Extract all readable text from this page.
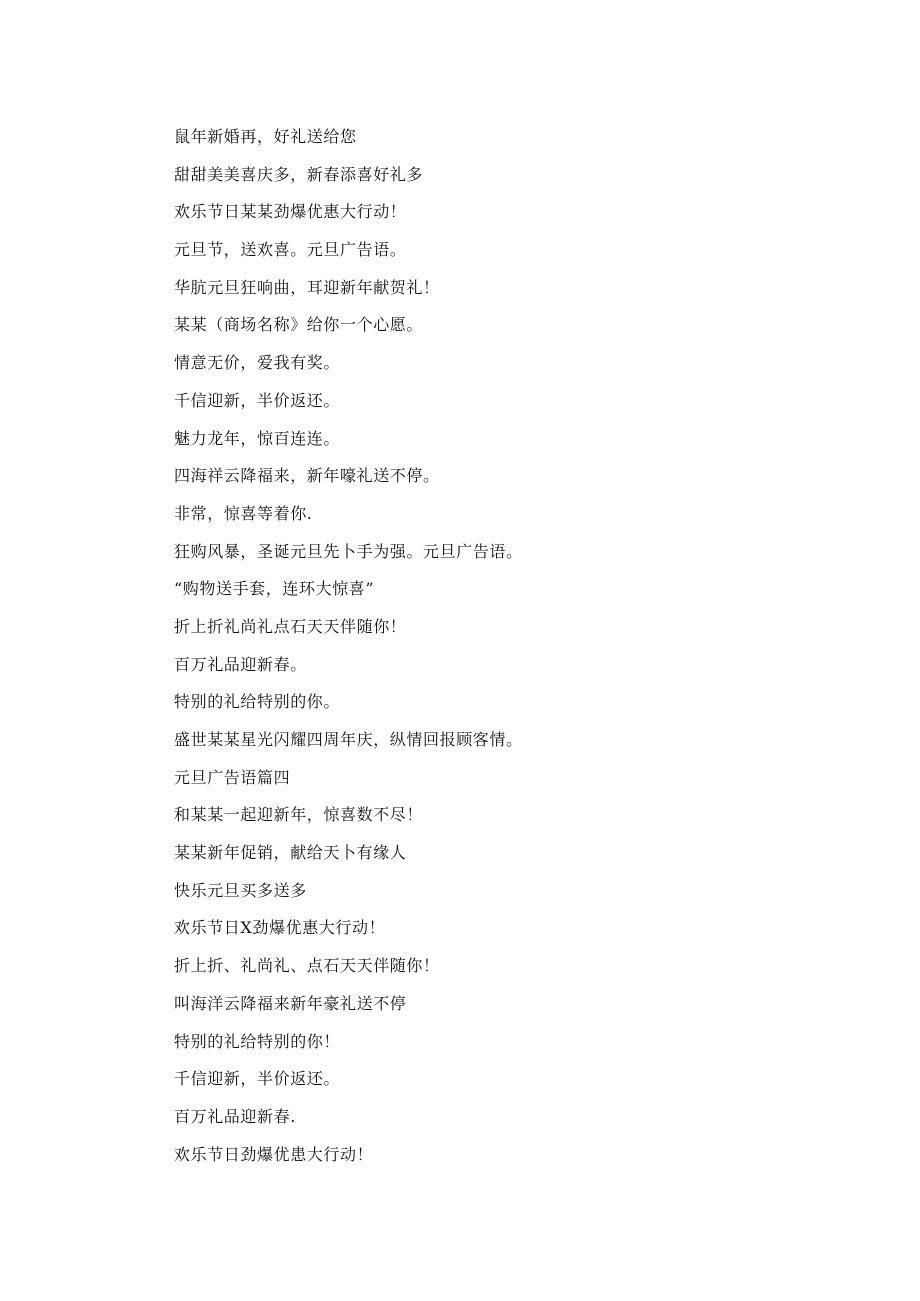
鼠年新婚再，好礼送给您
甜甜美美喜庆多，新春添喜好礼多
欢乐节日某某劲爆优惠大行动！
元旦节，送欢喜。元旦广告语。
华肮元旦狂响曲，耳迎新年献贺礼！
某某（商场名称》给你一个心愿。
情意无价，爱我有奖。
千信迎新，半价返还。
魅力龙年，惊百连连。
四海祥云降福来，新年嚎礼送不停。
非常，惊喜等着你.
狂购风暴，圣诞元旦先卜手为强。元旦广告语。
“购物送手套，连环大惊喜”
折上折礼尚礼点石天天伴随你！
百万礼品迎新春。
特别的礼给特别的你。
盛世某某星光闪耀四周年庆，纵情回报顾客情。
元旦广告语篇四
和某某一起迎新年，惊喜数不尽！
某某新年促销，献给天卜有缘人
快乐元旦买多送多
欢乐节日X劲爆优惠大行动！
折上折、礼尚礼、点石天天伴随你！
叫海洋云降福来新年豪礼送不停
特别的礼给特别的你！
千信迎新，半价返还。
百万礼品迎新春.
欢乐节日劲爆优患大行动！
